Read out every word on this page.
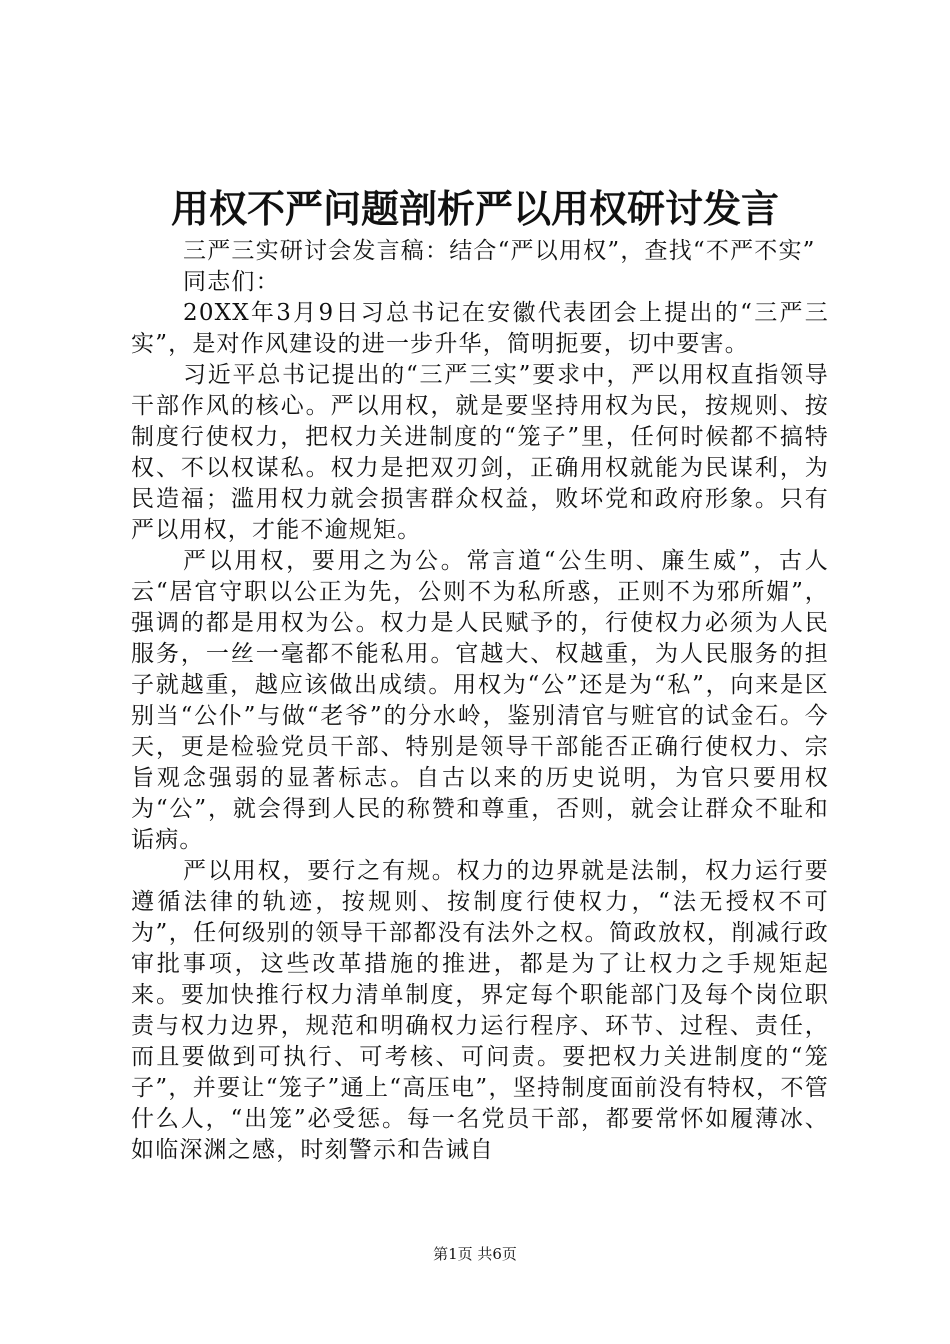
用权不严问题剖析严以用权研讨发言

三严三实研讨会发言稿：结合“严以用权”，查找“不严不实”

同志们：

20XX年3月9日习总书记在安徽代表团会上提出的“三严三实”，是对作风建设的进一步升华，简明扼要，切中要害。

习近平总书记提出的“三严三实”要求中，严以用权直指领导干部作风的核心。严以用权，就是要坚持用权为民，按规则、按制度行使权力，把权力关进制度的“笼子”里，任何时候都不搞特权、不以权谋私。权力是把双刃剑，正确用权就能为民谋利，为民造福；滥用权力就会损害群众权益，败坏党和政府形象。只有严以用权，才能不逾规矩。

严以用权，要用之为公。常言道“公生明、廉生威”，古人云“居官守职以公正为先，公则不为私所惑，正则不为邪所媚”，强调的都是用权为公。权力是人民赋予的，行使权力必须为人民服务，一丝一毫都不能私用。官越大、权越重，为人民服务的担子就越重，越应该做出成绩。用权为“公”还是为“私”，向来是区别当“公仆”与做“老爷”的分水岭，鉴别清官与赃官的试金石。今天，更是检验党员干部、特别是领导干部能否正确行使权力、宗旨观念强弱的显著标志。自古以来的历史说明，为官只要用权为“公”，就会得到人民的称赞和尊重，否则，就会让群众不耻和诟病。

严以用权，要行之有规。权力的边界就是法制，权力运行要遵循法律的轨迹，按规则、按制度行使权力，“法无授权不可为”，任何级别的领导干部都没有法外之权。简政放权，削减行政审批事项，这些改革措施的推进，都是为了让权力之手规矩起来。要加快推行权力清单制度，界定每个职能部门及每个岗位职责与权力边界，规范和明确权力运行程序、环节、过程、责任，而且要做到可执行、可考核、可问责。要把权力关进制度的“笼子”，并要让“笼子”通上“高压电”，坚持制度面前没有特权，不管什么人，“出笼”必受惩。每一名党员干部，都要常怀如履薄冰、如临深渊之感，时刻警示和告诫自

第1页 共6页
